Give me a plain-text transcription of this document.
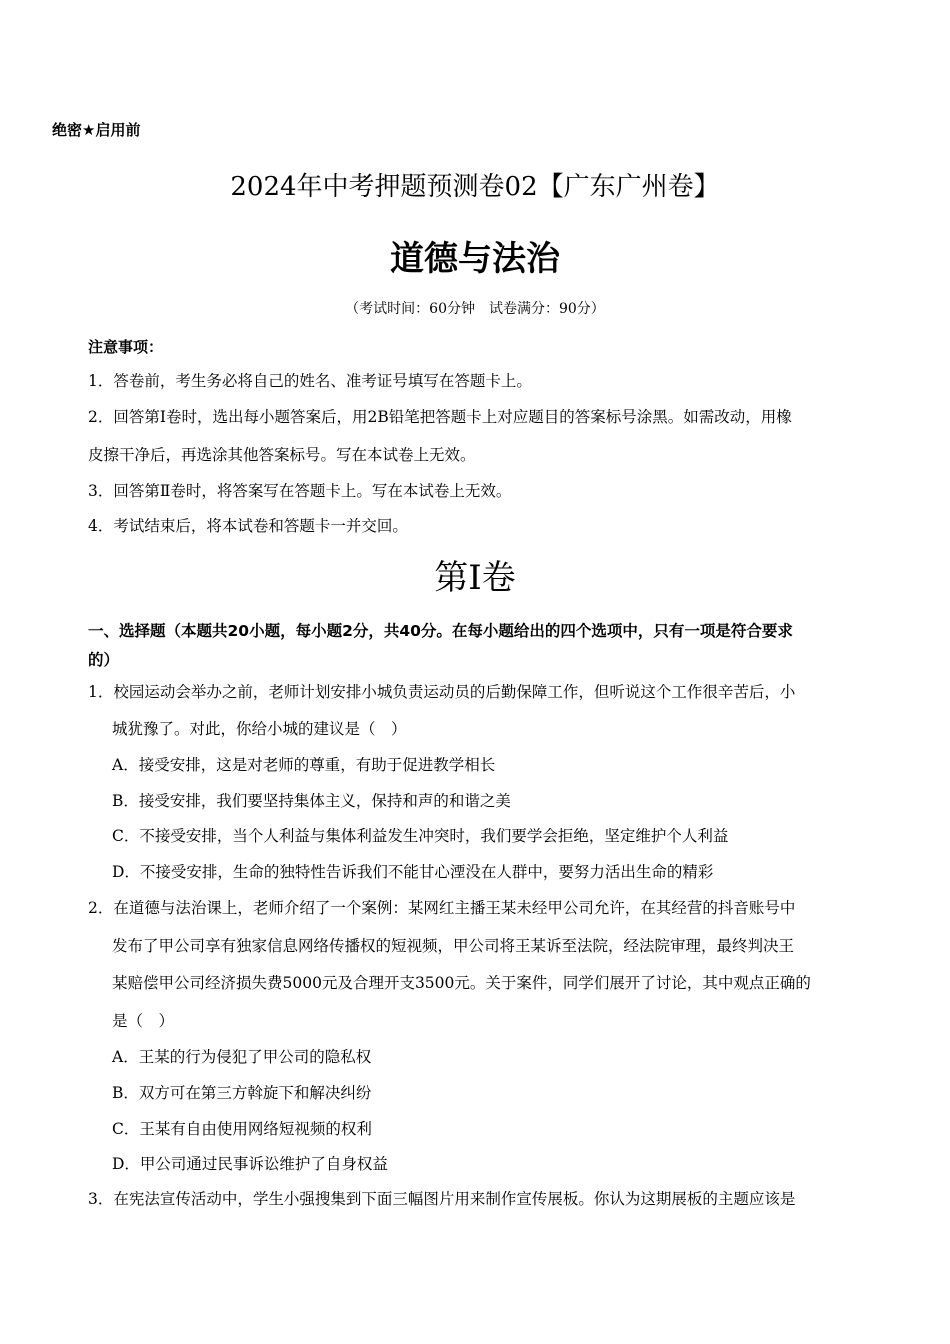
绝密★启用前
2024年中考押题预测卷02【广东广州卷】
道德与法治
（考试时间：60分钟　试卷满分：90分）
注意事项：
1．答卷前，考生务必将自己的姓名、准考证号填写在答题卡上。
2．回答第Ⅰ卷时，选出每小题答案后，用2B铅笔把答题卡上对应题目的答案标号涂黑。如需改动，用橡
皮擦干净后，再选涂其他答案标号。写在本试卷上无效。
3．回答第Ⅱ卷时，将答案写在答题卡上。写在本试卷上无效。
4．考试结束后，将本试卷和答题卡一并交回。
第Ⅰ卷
一、选择题（本题共20小题，每小题2分，共40分。在每小题给出的四个选项中，只有一项是符合要求
的）
1．校园运动会举办之前，老师计划安排小城负责运动员的后勤保障工作，但听说这个工作很辛苦后，小
城犹豫了。对此，你给小城的建议是（　）
A．接受安排，这是对老师的尊重，有助于促进教学相长
B．接受安排，我们要坚持集体主义，保持和声的和谐之美
C．不接受安排，当个人利益与集体利益发生冲突时，我们要学会拒绝，坚定维护个人利益
D．不接受安排，生命的独特性告诉我们不能甘心湮没在人群中，要努力活出生命的精彩
2．在道德与法治课上，老师介绍了一个案例：某网红主播王某未经甲公司允许，在其经营的抖音账号中
发布了甲公司享有独家信息网络传播权的短视频，甲公司将王某诉至法院，经法院审理，最终判决王
某赔偿甲公司经济损失费5000元及合理开支3500元。关于案件，同学们展开了讨论，其中观点正确的
是（　）
A．王某的行为侵犯了甲公司的隐私权
B．双方可在第三方斡旋下和解决纠纷
C．王某有自由使用网络短视频的权利
D．甲公司通过民事诉讼维护了自身权益
3．在宪法宣传活动中，学生小强搜集到下面三幅图片用来制作宣传展板。你认为这期展板的主题应该是
